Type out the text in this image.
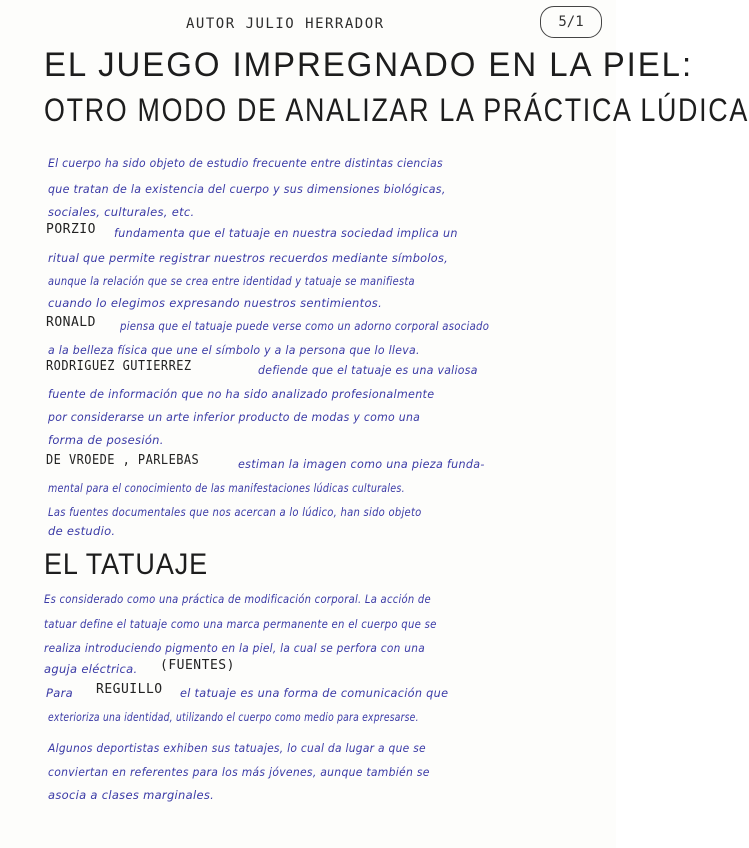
5/1
AUTOR JULIO HERRADOR
EL JUEGO IMPREGNADO EN LA PIEL:
OTRO MODO DE ANALIZAR LA PRÁCTICA LÚDICA
El cuerpo ha sido objeto de estudio frecuente entre distintas ciencias
que tratan de la existencia del cuerpo y sus dimensiones biológicas,
sociales, culturales, etc.
PORZIO fundamenta que el tatuaje en nuestra sociedad implica un
ritual que permite registrar nuestros recuerdos mediante símbolos,
aunque la relación que se crea entre identidad y tatuaje se manifiesta
cuando lo elegimos expresando nuestros sentimientos.
RONALD piensa que el tatuaje puede verse como un adorno corporal asociado
a la belleza física que une el símbolo y a la persona que lo lleva.
RODRIGUEZ GUTIERREZ	defiende que el tatuaje es una valiosa
fuente de información que no ha sido analizado profesionalmente
por considerarse un arte inferior producto de modas y como una
forma de posesión.
DE VROEDE , PARLEBAS	estiman la imagen como una pieza funda-
mental para el conocimiento de las manifestaciones lúdicas culturales.
Las fuentes documentales que nos acercan a lo lúdico, han sido objeto
de estudio.
EL TATUAJE
Es considerado como una práctica de modificación corporal. La acción de
tatuar define el tatuaje como una marca permanente en el cuerpo que se
realiza introduciendo pigmento en la piel, la cual se perfora con una
aguja eléctrica. (FUENTES)
Para REGUILLO el tatuaje es una forma de comunicación que
exterioriza una identidad, utilizando el cuerpo como medio para expresarse.
Algunos deportistas exhiben sus tatuajes, lo cual da lugar a que se
conviertan en referentes para los más jóvenes, aunque también se
asocia a clases marginales.
